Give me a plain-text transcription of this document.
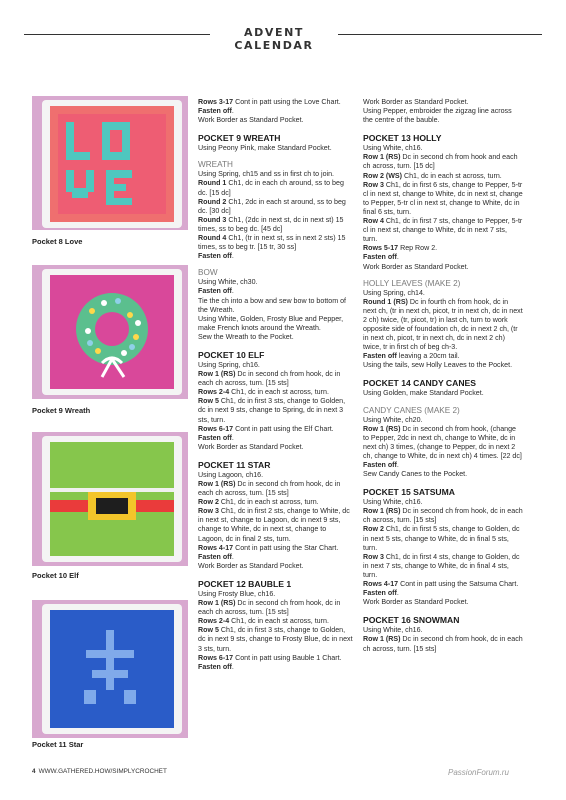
ADVENT CALENDAR
Pocket 8 Love
Pocket 9 Wreath
Pocket 10 Elf
Pocket 11 Star

Rows 3-17 Cont in patt using the Love Chart.

Fasten off.

Work Border as Standard Pocket.

POCKET 9 WREATH

Using Peony Pink, make Standard Pocket.

WREATH

Using Spring, ch15 and ss in first ch to join.

Round 1 Ch1, dc in each ch around, ss to beg dc. [15 dc]

Round 2 Ch1, 2dc in each st around, ss to beg dc. [30 dc]

Round 3 Ch1, (2dc in next st, dc in next st) 15 times, ss to beg dc. [45 dc]

Round 4 Ch1, (tr in next st, ss in next 2 sts) 15 times, ss to beg tr. [15 tr, 30 ss]

Fasten off.

BOW

Using White, ch30.

Fasten off.

Tie the ch into a bow and sew bow to bottom of the Wreath.

Using White, Golden, Frosty Blue and Pepper, make French knots around the Wreath.

Sew the Wreath to the Pocket.

POCKET 10 ELF

Using Spring, ch16.

Row 1 (RS) Dc in second ch from hook, dc in each ch across, turn. [15 sts]

Rows 2-4 Ch1, dc in each st across, turn.

Row 5 Ch1, dc in first 3 sts, change to Golden, dc in next 9 sts, change to Spring, dc in next 3 sts, turn.

Rows 6-17 Cont in patt using the Elf Chart.

Fasten off.

Work Border as Standard Pocket.

POCKET 11 STAR

Using Lagoon, ch16.

Row 1 (RS) Dc in second ch from hook, dc in each ch across, turn. [15 sts]

Row 2 Ch1, dc in each st across, turn.

Row 3 Ch1, dc in first 2 sts, change to White, dc in next st, change to Lagoon, dc in next 9 sts, change to White, dc in next st, change to Lagoon, dc in final 2 sts, turn.

Rows 4-17 Cont in patt using the Star Chart.

Fasten off.

Work Border as Standard Pocket.

POCKET 12 BAUBLE 1

Using Frosty Blue, ch16.

Row 1 (RS) Dc in second ch from hook, dc in each ch across, turn. [15 sts]

Rows 2-4 Ch1, dc in each st across, turn.

Row 5 Ch1, dc in first 3 sts, change to Golden, dc in next 9 sts, change to Frosty Blue, dc in next 3 sts, turn.

Rows 6-17 Cont in patt using Bauble 1 Chart.

Fasten off.

Work Border as Standard Pocket.

Using Pepper, embroider the zigzag line across the centre of the bauble.

POCKET 13 HOLLY

Using White, ch16.

Row 1 (RS) Dc in second ch from hook and each ch across, turn. [15 dc]

Row 2 (WS) Ch1, dc in each st across, turn.

Row 3 Ch1, dc in first 6 sts, change to Pepper, 5-tr cl in next st, change to White, dc in next st, change to Pepper, 5-tr cl in next st, change to White, dc in final 6 sts, turn.

Row 4 Ch1, dc in first 7 sts, change to Pepper, 5-tr cl in next st, change to White, dc in next 7 sts, turn.

Rows 5-17 Rep Row 2.

Fasten off.

Work Border as Standard Pocket.

HOLLY LEAVES (MAKE 2)

Using Spring, ch14.

Round 1 (RS) Dc in fourth ch from hook, dc in next ch, (tr in next ch, picot, tr in next ch, dc in next 2 ch) twice, (tr, picot, tr) in last ch, turn to work opposite side of foundation ch, dc in next 2 ch, (tr in next ch, picot, tr in next ch, dc in next 2 ch) twice, tr in first ch of beg ch-3.

Fasten off leaving a 20cm tail.

Using the tails, sew Holly Leaves to the Pocket.

POCKET 14 CANDY CANES

Using Golden, make Standard Pocket.

CANDY CANES (MAKE 2)

Using White, ch20.

Row 1 (RS) Dc in second ch from hook, (change to Pepper, 2dc in next ch, change to White, dc in next ch) 3 times, (change to Pepper, dc in next 2 ch, change to White, dc in next ch) 4 times. [22 dc]

Fasten off.

Sew Candy Canes to the Pocket.

POCKET 15 SATSUMA

Using White, ch16.

Row 1 (RS) Dc in second ch from hook, dc in each ch across, turn. [15 sts]

Row 2 Ch1, dc in first 5 sts, change to Golden, dc in next 5 sts, change to White, dc in final 5 sts, turn.

Row 3 Ch1, dc in first 4 sts, change to Golden, dc in next 7 sts, change to White, dc in final 4 sts, turn.

Rows 4-17 Cont in patt using the Satsuma Chart.

Fasten off.

Work Border as Standard Pocket.

POCKET 16 SNOWMAN

Using White, ch16.

Row 1 (RS) Dc in second ch from hook, dc in each ch across, turn. [15 sts]

4 WWW.GATHERED.HOW/SIMPLYCROCHET	PassionForum.ru
